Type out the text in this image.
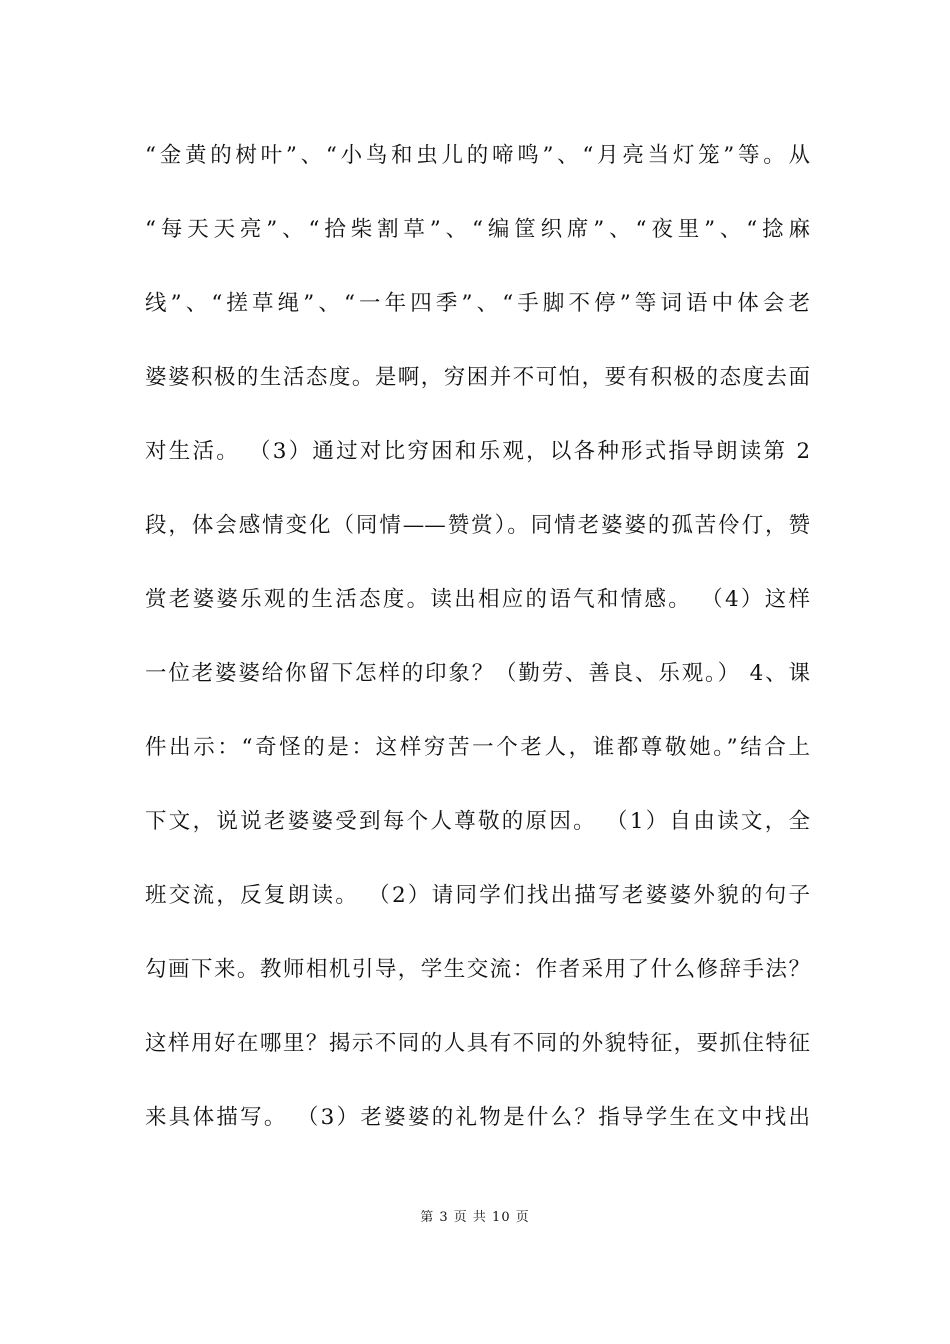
“金黄的树叶”、“小鸟和虫儿的啼鸣”、“月亮当灯笼”等。从
“每天天亮”、“拾柴割草”、“编筐织席”、“夜里”、“捻麻
线”、“搓草绳”、“一年四季”、“手脚不停”等词语中体会老
婆婆积极的生活态度。是啊，穷困并不可怕，要有积极的态度去面
对生活。 （3）通过对比穷困和乐观，以各种形式指导朗读第 2
段，体会感情变化（同情——赞赏）。同情老婆婆的孤苦伶仃，赞
赏老婆婆乐观的生活态度。读出相应的语气和情感。 （4）这样
一位老婆婆给你留下怎样的印象？（勤劳、善良、乐观。） 4、课
件出示：“奇怪的是：这样穷苦一个老人，谁都尊敬她。”结合上
下文，说说老婆婆受到每个人尊敬的原因。 （1）自由读文，全
班交流，反复朗读。 （2）请同学们找出描写老婆婆外貌的句子
勾画下来。教师相机引导，学生交流：作者采用了什么修辞手法？
这样用好在哪里？揭示不同的人具有不同的外貌特征，要抓住特征
来具体描写。 （3）老婆婆的礼物是什么？指导学生在文中找出
第 3 页 共 10 页
